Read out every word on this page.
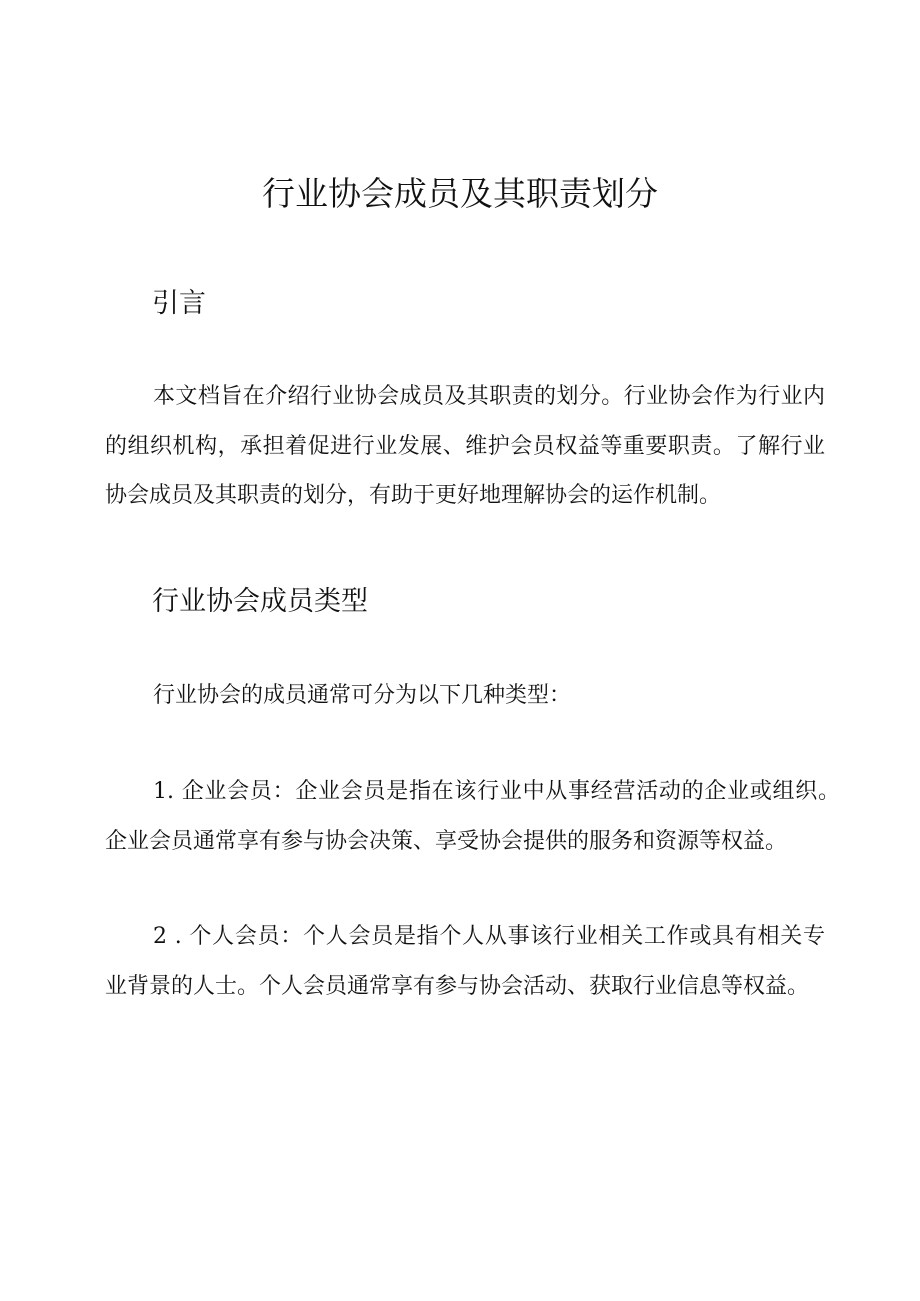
行业协会成员及其职责划分
引言

本文档旨在介绍行业协会成员及其职责的划分。行业协会作为行业内的组织机构，承担着促进行业发展、维护会员权益等重要职责。了解行业协会成员及其职责的划分，有助于更好地理解协会的运作机制。

行业协会成员类型

行业协会的成员通常可分为以下几种类型：

1. 企业会员：企业会员是指在该行业中从事经营活动的企业或组织。企业会员通常享有参与协会决策、享受协会提供的服务和资源等权益。

2 . 个人会员：个人会员是指个人从事该行业相关工作或具有相关专业背景的人士。个人会员通常享有参与协会活动、获取行业信息等权益。
